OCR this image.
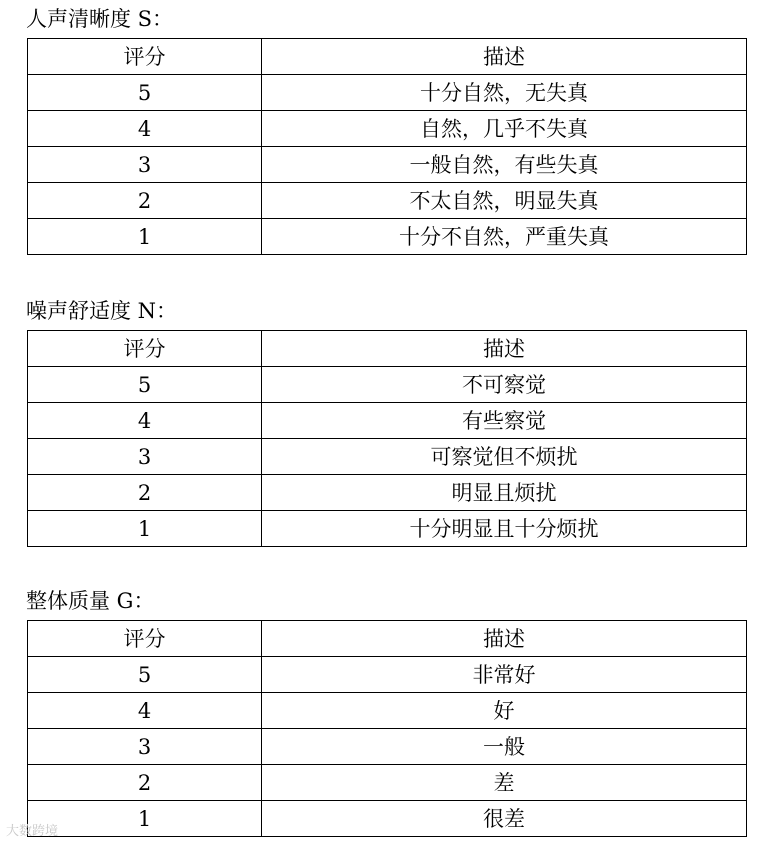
人声清晰度 S：
评分	描述
5	十分自然，无失真
4	自然，几乎不失真
3	一般自然，有些失真
2	不太自然，明显失真
1	十分不自然，严重失真
噪声舒适度 N：
评分	描述
5	不可察觉
4	有些察觉
3	可察觉但不烦扰
2	明显且烦扰
1	十分明显且十分烦扰
整体质量 G：
评分	描述
5	非常好
4	好
3	一般
2	差
1	很差
大数跨境
